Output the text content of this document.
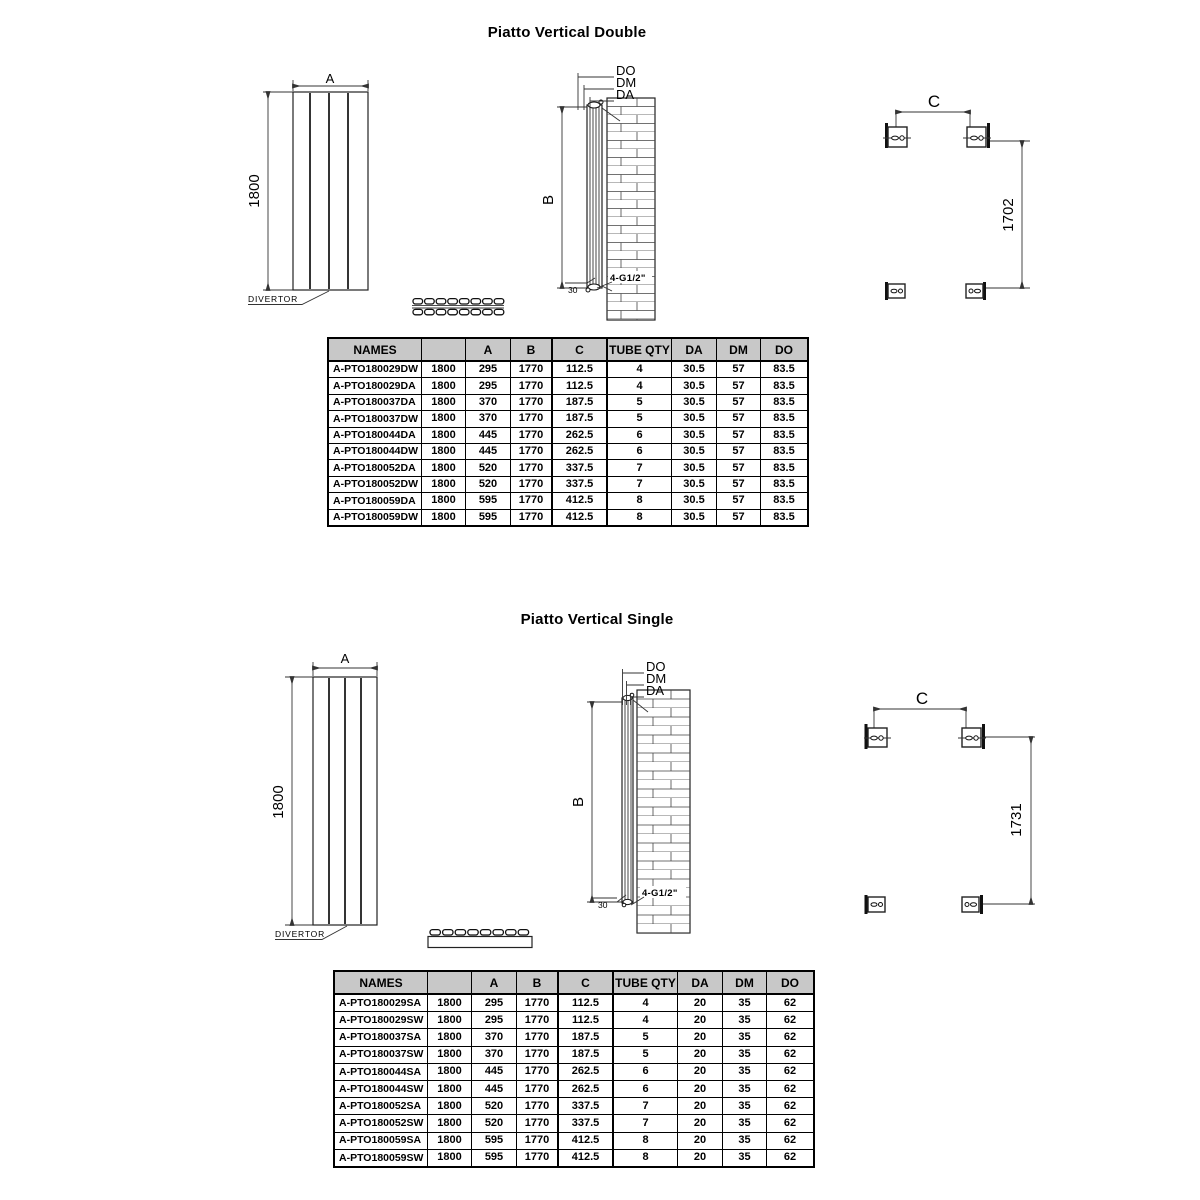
Piatto Vertical Double
A
1800
DIVERTOR
B
DO
DM
DA
4-G1/2"
30
C
1702
NAMES		A	B	C	TUBE QTY	DA	DM	DO
A-PTO180029DW	1800	295	1770	112.5	4	30.5	57	83.5
A-PTO180029DA	1800	295	1770	112.5	4	30.5	57	83.5
A-PTO180037DA	1800	370	1770	187.5	5	30.5	57	83.5
A-PTO180037DW	1800	370	1770	187.5	5	30.5	57	83.5
A-PTO180044DA	1800	445	1770	262.5	6	30.5	57	83.5
A-PTO180044DW	1800	445	1770	262.5	6	30.5	57	83.5
A-PTO180052DA	1800	520	1770	337.5	7	30.5	57	83.5
A-PTO180052DW	1800	520	1770	337.5	7	30.5	57	83.5
A-PTO180059DA	1800	595	1770	412.5	8	30.5	57	83.5
A-PTO180059DW	1800	595	1770	412.5	8	30.5	57	83.5
Piatto Vertical Single
A
1800
DIVERTOR
B
DO
DM
DA
4-G1/2"
30
C
1731
NAMES		A	B	C	TUBE QTY	DA	DM	DO
A-PTO180029SA	1800	295	1770	112.5	4	20	35	62
A-PTO180029SW	1800	295	1770	112.5	4	20	35	62
A-PTO180037SA	1800	370	1770	187.5	5	20	35	62
A-PTO180037SW	1800	370	1770	187.5	5	20	35	62
A-PTO180044SA	1800	445	1770	262.5	6	20	35	62
A-PTO180044SW	1800	445	1770	262.5	6	20	35	62
A-PTO180052SA	1800	520	1770	337.5	7	20	35	62
A-PTO180052SW	1800	520	1770	337.5	7	20	35	62
A-PTO180059SA	1800	595	1770	412.5	8	20	35	62
A-PTO180059SW	1800	595	1770	412.5	8	20	35	62
